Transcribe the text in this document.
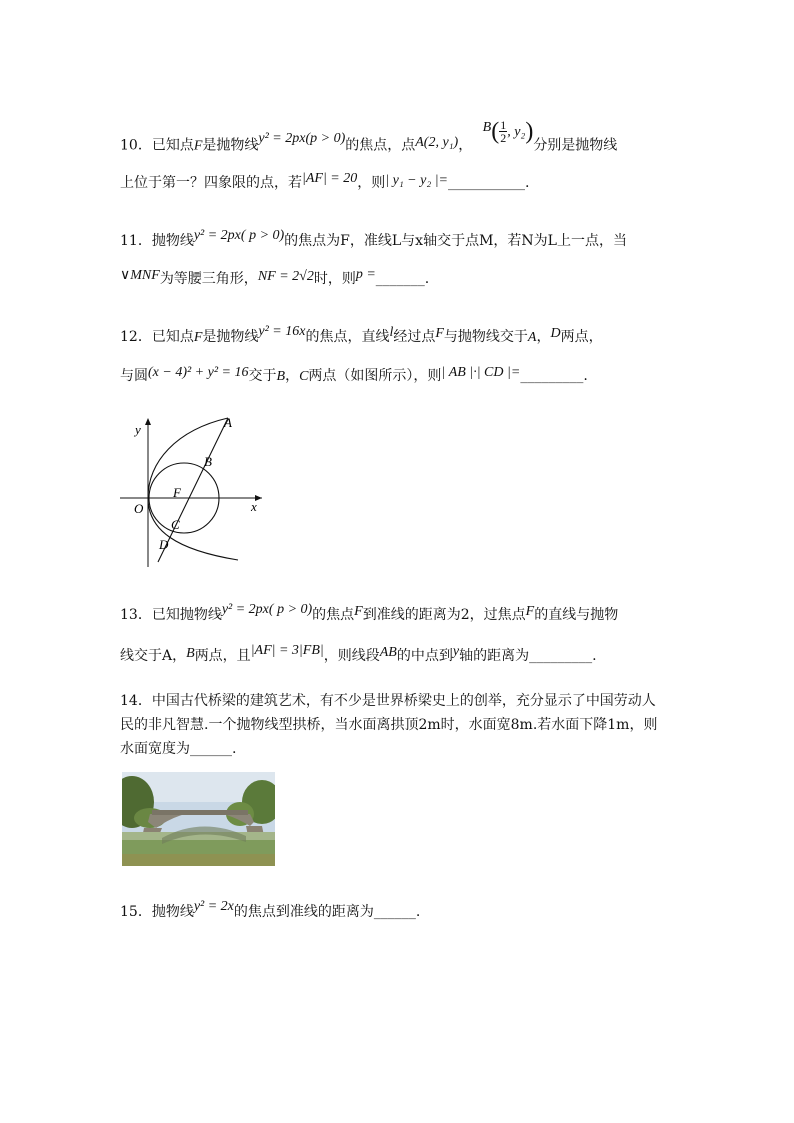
10．已知点F是抛物线y² = 2px(p > 0)的焦点，点A(2, y₁)， $B( \frac{1}{2}$ , y₂)分别是抛物线
上位于第一？四象限的点，若|AF| = 20，则| y₁ − y₂ |=___________.
11．抛物线y² = 2px( p > 0)的焦点为F，准线L与x轴交于点M，若N为L上一点，当
∨MNF为等腰三角形，NF = 2√2时，则p =_______.
12．已知点F是抛物线y² = 16x的焦点，直线l经过点F与抛物线交于A，D两点，
与圆(x − 4)² + y² = 16交于B，C两点（如图所示），则| AB |·| CD |=_________.
y
x
O
F
A
B
C
D
13．已知抛物线y² = 2px( p > 0)的焦点F到准线的距离为2，过焦点F的直线与抛物
线交于A，B两点，且|AF| = 3|FB|，则线段AB的中点到y轴的距离为_________.
14．中国古代桥梁的建筑艺术，有不少是世界桥梁史上的创举，充分显示了中国劳动人
民的非凡智慧.一个抛物线型拱桥，当水面离拱顶2m时，水面宽8m.若水面下降1m，则
水面宽度为______.
15．抛物线y² = 2x的焦点到准线的距离为______.
